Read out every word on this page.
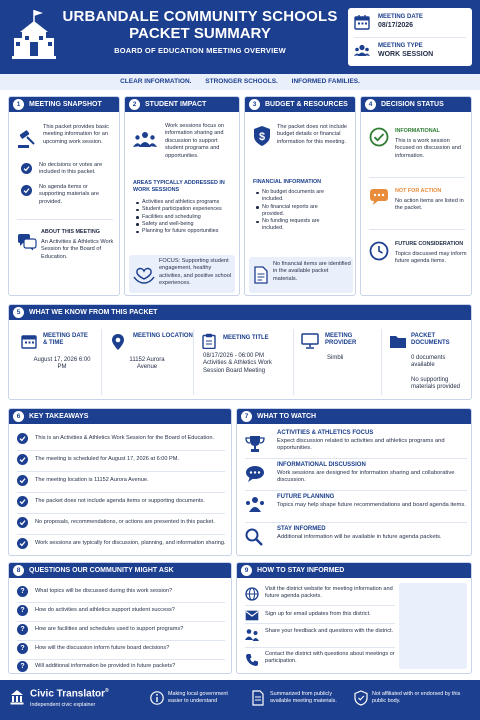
URBANDALE COMMUNITY SCHOOLS
PACKET SUMMARY
BOARD OF EDUCATION MEETING OVERVIEW
MEETING DATE
08/17/2026
MEETING TYPE
WORK SESSION
CLEAR INFORMATION. STRONGER SCHOOLS. INFORMED FAMILIES.
1	MEETING SNAPSHOT
This packet provides basic meeting information for an upcoming work session.
No decisions or votes are included in this packet.
No agenda items or supporting materials are provided.
ABOUT THIS MEETING
An Activities & Athletics Work Session for the Board of Education.
2	STUDENT IMPACT
Work sessions focus on information sharing and discussion to support student programs and opportunities.
AREAS TYPICALLY ADDRESSED IN WORK SESSIONS
Activities and athletics programs
Student participation experiences
Facilities and scheduling
Safety and well-being
Planning for future opportunities
FOCUS: Supporting student engagement, healthy activities, and positive school experiences.
3	BUDGET & RESOURCES
$
The packet does not include budget details or financial information for this meeting.
FINANCIAL INFORMATION
No budget documents are included.
No financial reports are provided.
No funding requests are included.
No financial items are identified in the available packet materials.
4	DECISION STATUS
INFORMATIONAL
This is a work session focused on discussion and information.
NOT FOR ACTION
No action items are listed in the packet.
FUTURE CONSIDERATION
Topics discussed may inform future agenda items.
5	WHAT WE KNOW FROM THIS PACKET
MEETING DATE & TIME
August 17, 2026 6:00 PM
MEETING LOCATION
11152 Aurora Avenue
MEETING TITLE
08/17/2026 - 06:00 PM Activities & Athletics Work Session Board Meeting
MEETING PROVIDER
Simbli
PACKET DOCUMENTS
0 documents available
No supporting materials provided
6	KEY TAKEAWAYS
This is an Activities & Athletics Work Session for the Board of Education.
The meeting is scheduled for August 17, 2026 at 6:00 PM.
The meeting location is 11152 Aurora Avenue.
The packet does not include agenda items or supporting documents.
No proposals, recommendations, or actions are presented in this packet.
Work sessions are typically for discussion, planning, and information sharing.
7	WHAT TO WATCH
ACTIVITIES & ATHLETICS FOCUS
Expect discussion related to activities and athletics programs and opportunities.
INFORMATIONAL DISCUSSION
Work sessions are designed for information sharing and collaborative discussion.
FUTURE PLANNING
Topics may help shape future recommendations and board agenda items.
STAY INFORMED
Additional information will be available in future agenda packets.
8	QUESTIONS OUR COMMUNITY MIGHT ASK
?	What topics will be discussed during this work session?
?	How do activities and athletics support student success?
?	How are facilities and schedules used to support programs?
?	How will the discussion inform future board decisions?
?	Will additional information be provided in future packets?
9	HOW TO STAY INFORMED
Visit the district website for meeting information and future agenda packets.
Sign up for email updates from this district.
Share your feedback and questions with the district.
Contact the district with questions about meetings or participation.
Civic Translator®
Independent civic explainer
Making local government easier to understand
Summarized from publicly available meeting materials.
Not affiliated with or endorsed by this public body.
